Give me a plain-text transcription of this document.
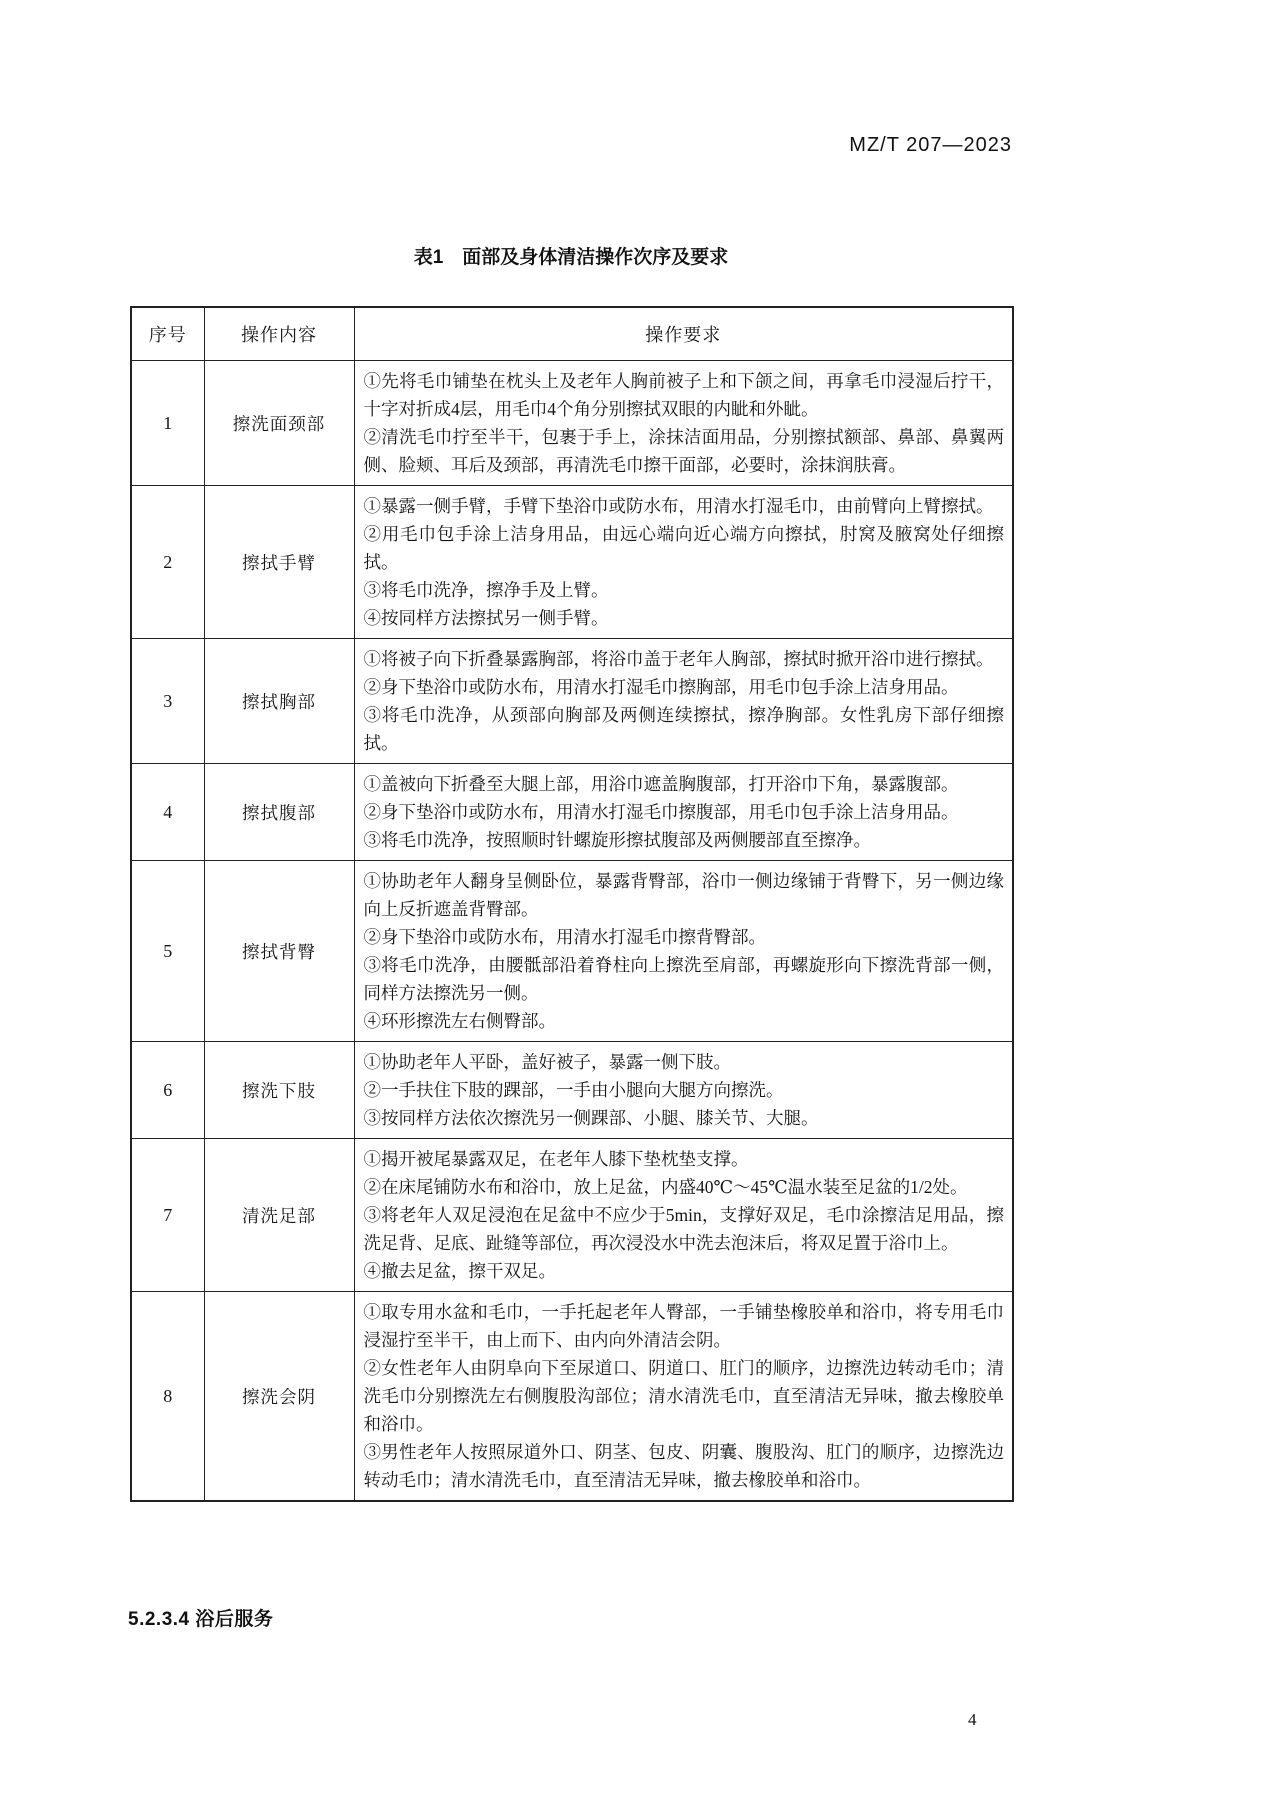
MZ/T 207—2023
表1　面部及身体清洁操作次序及要求
序号	操作内容	操作要求
1	擦洗面颈部	①先将毛巾铺垫在枕头上及老年人胸前被子上和下颌之间，再拿毛巾浸湿后拧干，十字对折成4层，用毛巾4个角分别擦拭双眼的内眦和外眦。
②清洗毛巾拧至半干，包裹于手上，涂抹洁面用品，分别擦拭额部、鼻部、鼻翼两侧、脸颊、耳后及颈部，再清洗毛巾擦干面部，必要时，涂抹润肤膏。

2	擦拭手臂	①暴露一侧手臂，手臂下垫浴巾或防水布，用清水打湿毛巾，由前臂向上臂擦拭。
②用毛巾包手涂上洁身用品，由远心端向近心端方向擦拭，肘窝及腋窝处仔细擦拭。
③将毛巾洗净，擦净手及上臂。
④按同样方法擦拭另一侧手臂。

3	擦拭胸部	①将被子向下折叠暴露胸部，将浴巾盖于老年人胸部，擦拭时掀开浴巾进行擦拭。
②身下垫浴巾或防水布，用清水打湿毛巾擦胸部，用毛巾包手涂上洁身用品。
③将毛巾洗净，从颈部向胸部及两侧连续擦拭，擦净胸部。女性乳房下部仔细擦拭。

4	擦拭腹部	①盖被向下折叠至大腿上部，用浴巾遮盖胸腹部，打开浴巾下角，暴露腹部。
②身下垫浴巾或防水布，用清水打湿毛巾擦腹部，用毛巾包手涂上洁身用品。
③将毛巾洗净，按照顺时针螺旋形擦拭腹部及两侧腰部直至擦净。

5	擦拭背臀	①协助老年人翻身呈侧卧位，暴露背臀部，浴巾一侧边缘铺于背臀下，另一侧边缘向上反折遮盖背臀部。
②身下垫浴巾或防水布，用清水打湿毛巾擦背臀部。
③将毛巾洗净，由腰骶部沿着脊柱向上擦洗至肩部，再螺旋形向下擦洗背部一侧，同样方法擦洗另一侧。
④环形擦洗左右侧臀部。

6	擦洗下肢	①协助老年人平卧，盖好被子，暴露一侧下肢。
②一手扶住下肢的踝部，一手由小腿向大腿方向擦洗。
③按同样方法依次擦洗另一侧踝部、小腿、膝关节、大腿。

7	清洗足部	①揭开被尾暴露双足，在老年人膝下垫枕垫支撑。
②在床尾铺防水布和浴巾，放上足盆，内盛40℃～45℃温水装至足盆的1/2处。
③将老年人双足浸泡在足盆中不应少于5min，支撑好双足，毛巾涂擦洁足用品，擦洗足背、足底、趾缝等部位，再次浸没水中洗去泡沫后，将双足置于浴巾上。
④撤去足盆，擦干双足。

8	擦洗会阴	①取专用水盆和毛巾，一手托起老年人臀部，一手铺垫橡胶单和浴巾，将专用毛巾浸湿拧至半干，由上而下、由内向外清洁会阴。
②女性老年人由阴阜向下至尿道口、阴道口、肛门的顺序，边擦洗边转动毛巾；清洗毛巾分别擦洗左右侧腹股沟部位；清水清洗毛巾，直至清洁无异味，撤去橡胶单和浴巾。
③男性老年人按照尿道外口、阴茎、包皮、阴囊、腹股沟、肛门的顺序，边擦洗边转动毛巾；清水清洗毛巾，直至清洁无异味，撤去橡胶单和浴巾。
5.2.3.4 浴后服务
4
